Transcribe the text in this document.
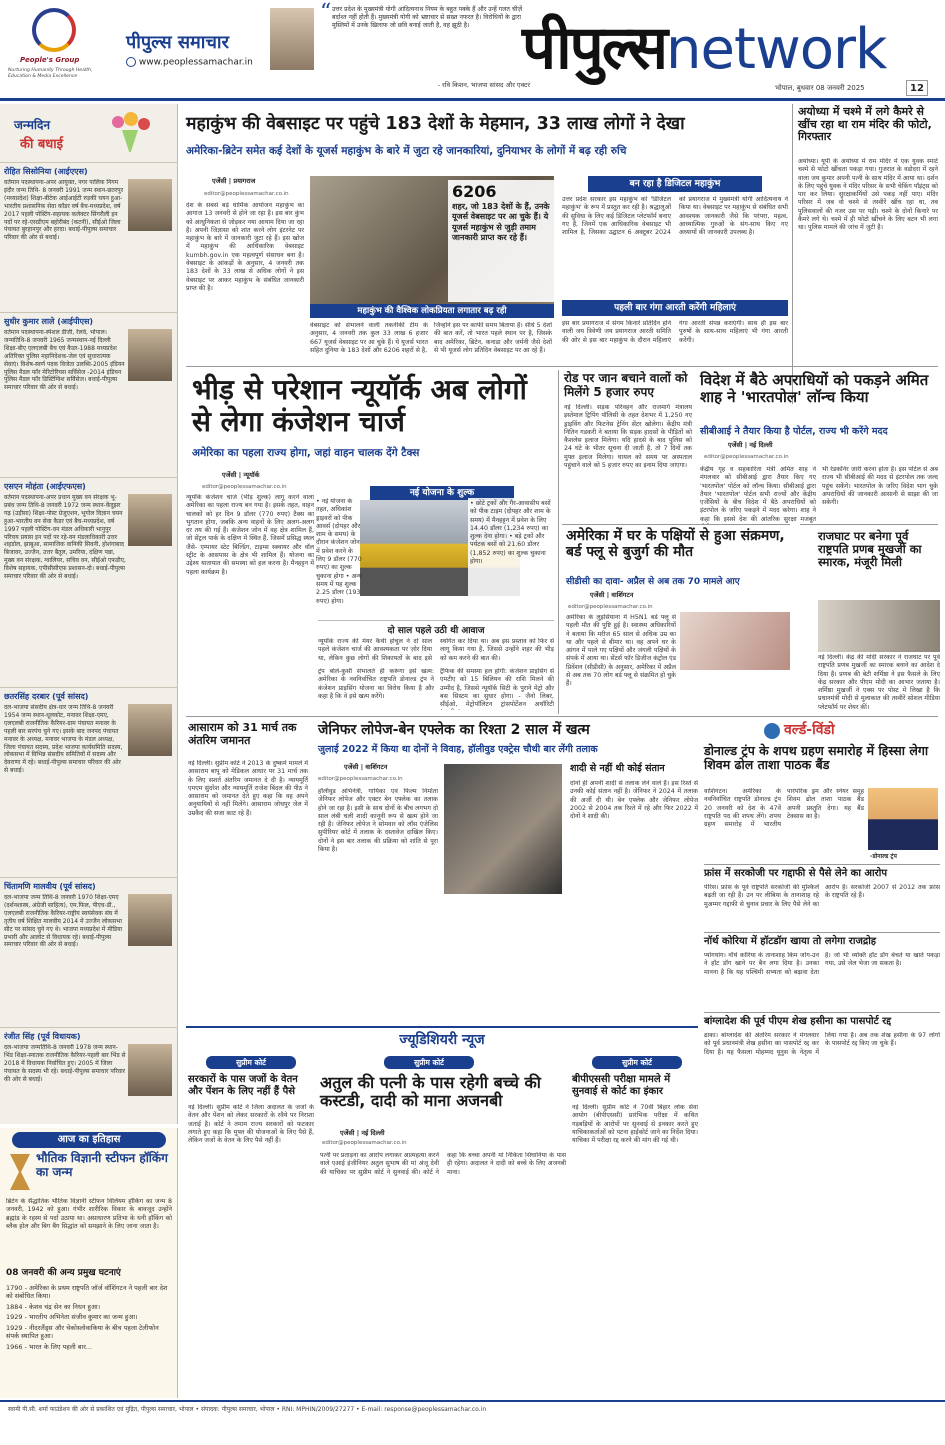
People's Group
Nurturing Humanity Through Health, Education & Media Excellence
पीपुल्स समाचार
www.peoplessamachar.in
“ उत्तर प्रदेश के मुख्यमंत्री योगी आदित्यनाथ नियम के बहुत पक्के हैं और उन्हें गलत चीज़ें बर्दाश्त नहीं होती हैं। मुख्यमंत्री योगी को भ्रष्टाचार से सख्त नफरत है। विरोधियों के द्वारा मुस्लिमों में उनके खिलाफ जो छवि बनाई जाती है, वह झूठी है।
- रवि किशन, भाजपा सांसद और एक्टर
पीपुल्सnetwork
भोपाल, बुधवार 08 जनवरी 2025	12
जन्मदिन
की बधाई
रोहित सिसोनिया (आईएएस)
वर्तमान पदस्थापना-अपर आयुक्त, नगर पालिक निगम इंदौर जन्म तिथि- 8 जनवरी 1991 जन्म स्थान-छतरपुर (मध्यप्रदेश) शिक्षा-बीटेक आईआईटी रुड़की चयन हुआ-भारतीय प्रशासनिक सेवा कॉडर वर्ष बैच-मध्यप्रदेश, वर्ष 2017 पहली पोस्टिंग-सहायक कलेक्टर सिंगरौली इन पदों पर रहे-एसडीएम बहोरीबंद (कटनी), सीईओ जिला पंचायत बुरहानपुर और हरदा। बधाई-पीपुल्स समाचार परिवार की ओर से बधाई।
सुधीर कुमार लाले (आईपीएस)
वर्तमान पदस्थापना-स्पेशल डीजी, रेलवे, भोपाल। जन्मतिथि-8 जनवरी 1965 जन्मस्थान-नई दिल्ली शिक्षा-बीए एलएलबी बैच एवं कैडर-1988 मध्यप्रदेश अतिरिक्त पुलिस महानिदेशक-जेल एवं सुधारात्मक सेवाएं। विशेष-स्वर्ण पदक विजेता उलब्धि-2005 इंडियन पुलिस मैडल फॉर मेरिटोरियस सर्विसेज -2014 इंडियन पुलिस मैडल फॉर डिस्टिंग्विश सर्विसेज। बधाई-पीपुल्स समाचार परिवार की ओर से बधाई।
एसएन मोहंता (आईएफएस)
वर्तमान पदस्थापना-अपर प्रधान मुख्य वन संरक्षक भू-प्रबंध जन्म तिथि-8 जनवरी 1972 जन्म स्थान-केंदुझर गढ़ (उड़ीसा) शिक्षा-पोस्ट ग्रेजुएशन, भूगोल विज्ञान चयन हुआ-भारतीय वन सेवा कैडर एवं बैच-मध्यप्रदेश, वर्ष 1997 पहली पोस्टिंग-वन मंडल अधिकारी भानुपुर परिचय प्रयास इन पदों पर रहे-वन मंडलाधिकारी उत्तर शहडोल, झाबुआ, सामाजिक वानिकी सिवनी, होशंगाबाद बिजावर, उज्जैन, उत्तर बैतूल, उमरिया, दक्षिण पन्ना, मुख्य वन संरक्षक, ग्वालियर, सचिव वन, सीईओ एफडीए, विशेष सहायक, एपीसीसीएफ़ प्रशासन-दो। बधाई-पीपुल्स समाचार परिवार की ओर से बधाई।
छतरसिंह दरबार (पूर्व सांसद)
दल-भाजपा संसदीय क्षेत्र-धार जन्म तिथि-8 जनवरी 1954 जन्म स्थान-धूलकोट, मनावर शिक्षा-एमए, एलएलबी राजनीतिक कैरियर-ग्राम पंचायत मनावर के पहली बार सरपंच चुने गए। इसके बाद जनपद पंचायत मनावर के अध्यक्ष, मनावर भाजपा के मंडल अध्यक्ष, जिला पंचायत सदस्य, प्रदेश भाजपा कार्यसमिति सदस्य, लोकसभा में विभिन्न संसदीय समितियों में सदस्य और देवराणा में रहे। बधाई-पीपुल्स समाचार परिवार की ओर से बधाई।
चिंतामणि मालवीय (पूर्व सांसद)
दल-भाजपा जन्म तिथि-8 जनवरी 1970 शिक्षा-एमए (दर्शनशास्त्र, अंग्रेजी साहित्य), एम.फिल, पीएच-डी., एलएलबी राजनीतिक कैरियर-राष्ट्रीय स्वयंसेवक संघ में तृतीय वर्ष शिक्षित मालवीय 2014 में उज्जैन लोकसभा सीट पर सांसद चुने गए थे। भाजपा मध्यप्रदेश में मीडिया प्रभारी और आलोट से विधायक रहे। बधाई-पीपुल्स समाचार परिवार की ओर से बधाई।
रंजीत सिंह (पूर्व विधायक)
दल-भाजपा जन्मतिथि-8 जनवरी 1978 जन्म स्थान-भिंड शिक्षा-स्नातक राजनीतिक कैरियर-पहली बार भिंड से 2018 में विधायक निर्वाचित हुए। 2005 में जिला पंचायत के सदस्य भी रहे। बधाई-पीपुल्स समाचार परिवार की ओर से बधाई।
आज का इतिहास
भौतिक विज्ञानी स्टीफन हॉकिंग का जन्म
ब्रिटेन के सैद्धांतिक भौतिक विज्ञानी स्टीफन विलियम हॉकिंग का जन्म 8 जनवरी, 1942 को हुआ। गंभीर शारीरिक विकार के बावजूद उन्होंने ब्रह्मांड के रहस्य से पर्दा उठाया था। असाधारण प्रतिभा के धनी हॉकिंग को ब्लैक होल और बिग बैंग सिद्धांत को समझाने के लिए जाना जाता है।
08 जनवरी की अन्य प्रमुख घटनाएं
1790 - अमेरिका के प्रथम राष्ट्रपति जॉर्ज वॉशिंगटन ने पहली बार देश को संबोधित किया।
1884 - केशव चंद्र सेन का निधन हुआ।
1929 - भारतीय अभिनेता संजीव कुमार का जन्म हुआ।
1929 - नीदरलैंड्स और चेकोस्लोवाकिया के बीच पहला टेलीफोन संपर्क स्थापित हुआ।
1966 - भारत के लिए पहली बार...
महाकुंभ की वेबसाइट पर पहुंचे 183 देशों के मेहमान, 33 लाख लोगों ने देखा
अमेरिका-ब्रिटेन समेत कई देशों के यूजर्स महाकुंभ के बारे में जुटा रहे जानकारियां, दुनियाभर के लोगों में बढ़ रही रुचि
एजेंसी | प्रयागराज
editor@peoplessamachar.co.in
देश के सबसे बड़े धार्मिक आयोजन महाकुंभ का आगाज 13 जनवरी से होने जा रहा है। इस बार कुंभ को आधुनिकता से जोड़कर नया आयाम दिया जा रहा है। अपनी जिज्ञासा को शांत करने लोग इंटरनेट पर महाकुंभ के बारे में जानकारी जुटा रहे हैं। इस खोज में महाकुंभ की आधिकारिक वेबसाइट kumbh.gov.in एक महत्वपूर्ण संसाधन बना है। वेबसाइट के आंकड़ों के अनुसार, 4 जनवरी तक 183 देशों के 33 लाख से अधिक लोगों ने इस वेबसाइट पर आकर महाकुंभ के संबंधित जानकारी प्राप्त की है।
6206
शहर, जो 183 देशों के हैं, उनके यूजर्स वेबसाइट पर आ चुके हैं। ये यूजर्स महाकुंभ से जुड़ी तमाम जानकारी प्राप्त कर रहे हैं।
महाकुंभ की वैश्विक लोकप्रियता लगातार बढ़ रही
वेबसाइट को संभालने वाली तकनीकी टीम के अनुसार, 4 जनवरी तक कुल 33 लाख 6 हजार 667 यूजर्स वेबसाइट पर आ चुके हैं। ये यूजर्स भारत सहित दुनिया के 183 देशों और 6206 शहरों से है,
जिन्होंने इस पर काफी समय बिताया है। सीधे 5 देशों की बात करें, तो भारत पहले स्थान पर है, जिसके बाद अमेरिका, ब्रिटेन, कनाडा और जर्मनी जैसे देशों से भी यूजर्स लोग प्रतिदिन वेबसाइट पर आ रहे हैं।
बन रहा है डिजिटल महाकुंभ
उत्तर प्रदेश सरकार इस महाकुंभ को 'डिजिटल महाकुंभ' के रूप में प्रस्तुत कर रही है। श्रद्धालुओं की सुविधा के लिए कई डिजिटल प्लेटफॉर्म बनाए गए हैं, जिनमें एक आधिकारिक वेबसाइट भी शामिल है, जिसका उद्घाटन 6 अक्टूबर 2024 को प्रयागराज में मुख्यमंत्री योगी आदित्यनाथ ने किया था। वेबसाइट पर महाकुंभ से संबंधित सभी आवश्यक जानकारी जैसे कि परंपरा, महत्व, आध्यात्मिक गुरुओं के संग-साथ किए गए अध्यायों की जानकारी उपलब्ध है।
पहली बार गंगा आरती करेंगी महिलाएं
इस बार प्रयागराज में संगम किनारे प्रतिदिन होने वाली जय त्रिवेणी जय प्रयागराज आरती समिति की ओर से इस बार महाकुंभ के दौरान महिलाएं गंगा आरती संपन्न कराएंगी। साथ ही इस बार पुरुषों के साथ-साथ महिलाएं भी गंगा आरती करेंगी।
अयोध्या में चश्मे में लगे कैमरे से खींच रहा था राम मंदिर की फोटो, गिरफ्तार
अयोध्या। यूपी के अयोध्या में राम मंदिर में एक युवक स्मार्ट चश्मे से फोटो खींचता पकड़ा गया। गुजरात के वडोदरा में रहने वाला जय कुमार अपनी पत्नी के साथ मंदिर में आया था। दर्शन के लिए पहुंचे युवक ने मंदिर परिसर के सभी चेकिंग पॉइंट्स को पार कर लिया। सुरक्षाकर्मियों उसे पकड़ नहीं पाए। मंदिर परिसर में जब वो चश्मे से तस्वीरें खींच रहा था, तब पुलिसवालों की नजर उस पर पड़ी। चश्मे के दोनों किनारे पर कैमरे लगे थे। चश्मे में ही फोटो खींचने के लिए बटन भी लगा था। पुलिस मामले की जांच में जुटी है।
भीड़ से परेशान न्यूयॉर्क अब लोगों से लेगा कंजेशन चार्ज
अमेरिका का पहला राज्य होगा, जहां वाहन चालक देंगे टैक्स
एजेंसी | न्यूयॉर्क
editor@peoplessamachar.co.in
न्यूयॉर्क कंजेशन चार्ज (भीड़ शुल्क) लागू करने वाला अमेरिका का पहला राज्य बन गया है। इसके तहत, वाहन चालकों को हर दिन 9 डॉलर (770 रुपए) टैक्स का भुगतान होगा, जबकि अन्य वाहनों के लिए अलग-अलग दर तय की गई हैं। कंजेशन जोन में वह क्षेत्र शामिल हैं, जो सेंट्रल पार्क के दक्षिण में स्थित हैं, जिसमें प्रसिद्ध स्थल जैसे- एम्पायर स्टेट बिल्डिंग, टाइम्स स्क्वायर और वॉल स्ट्रीट के आसपास के क्षेत्र भी शामिल हैं। योजना का उद्देश्य यातायात की समस्या को हल करना है। मैनहट्टन में पहला कार्यक्रम है।
नई योजना के शुल्क
• नई योजना के तहत, अधिकांश ड्राइवरों को पीक आवर्स (दोपहर और शाम के समय) के दौरान कंजेशन जोन में प्रवेश करने के लिए 9 डॉलर (770 रुपए) का शुल्क चुकाना होगा • अन्य समय में यह शुल्क 2.25 डॉलर (193 रुपए) होगा।
• छोटे ट्रकों और गैर-आवासीय बसों को पीक टाइम (दोपहर और शाम के समय) में मैनहट्टन में प्रवेश के लिए 14.40 डॉलर (1,234 रुपए) का शुल्क देना होगा। • बड़े ट्रकों और पर्यटक बसों को 21.60 डॉलर (1,852 रुपए) का शुल्क चुकाना होगा।
दो साल पहले उठी थी आवाज
न्यूयॉर्क राज्य की मेयर कैथी होचुल ने दो साल पहले कंजेशन चार्ज की आवश्यकता पर ज़ोर दिया था, लेकिन कुछ लोगों की शिकायतों के बाद इसे स्थगित कर दिया था। अब इस प्रस्ताव को फिर से लागू किया गया है, जिससे उन्होंने शहर की भीड़ को कम करने की बात की।
ट्रंप बोले-कुर्सी संभालते ही करूंगा इसे खत्म: अमेरिका के नवनिर्वाचित राष्ट्रपति डोनाल्ड ट्रंप ने कंजेशन प्राइसिंग योजना का विरोध किया है और कहा है कि वे इसे खत्म करेंगे।
ट्रैफिक की समस्या हल होगी: कंजेशन प्राइसिंग से एमटीए को 15 बिलियन की राशि मिलने की उम्मीद है, जिससे न्यूयॉर्क सिटी के पुराने मेट्रो और बस सिस्टम का सुधार होगा। - जैनो लिबर, सीईओ, मेट्रोपॉलिटन ट्रांसपोर्टेशन अथॉरिटी
रोड पर जान बचाने वालों को मिलेंगे 5 हजार रुपए
नई दिल्ली। सड़क परिवहन और राजमार्ग मंत्रालय इस्तेमाल ट्रिपिंग पॉलिसी के तहत देशभर में 1,250 नए ड्राइविंग और फिटनेस ट्रेनिंग सेंटर खोलेगा। केंद्रीय मंत्री नितिन गडकरी ने बताया कि सड़क हादसों के पीड़ितों को कैशलेस इलाज मिलेगा। यदि हादसे के बाद पुलिस को 24 घंटे के भीतर सूचना दी जाती है, तो 7 दिनों तक मुफ्त इलाज मिलेगा। घायल को समय पर अस्पताल पहुंचाने वाले को 5 हजार रुपए का इनाम दिया जाएगा।
विदेश में बैठे अपराधियों को पकड़ने अमित शाह ने 'भारतपोल' लॉन्च किया
सीबीआई ने तैयार किया है पोर्टल, राज्य भी करेंगे मदद
एजेंसी | नई दिल्ली
editor@peoplessamachar.co.in
केंद्रीय गृह व सहकारिता मंत्री अमित शाह ने मंगलवार को सीबीआई द्वारा तैयार किए गए 'भारतपोल' पोर्टल को लॉन्च किया। सीबीआई द्वारा तैयार 'भारतपोल' पोर्टल सभी राज्यों और केंद्रीय एजेंसियों के बीच विदेश में बैठे अपराधियों को इंटरपोल के जरिए पकड़ने में मदद करेगा। शाह ने कहा कि इससे देश की आंतरिक सुरक्षा मजबूत
भी रेडकॉर्नर जारी करना होता है। इस पोर्टल से अब राज्य भी सीबीआई की मदद से इंटरपोल तक जल्द पहुंच सकेंगे। भारतपोल के जरिए विदेश भाग चुके अपराधियों की जानकारी आसानी से साझा की जा सकेगी।
अमेरिका में घर के पक्षियों से हुआ संक्रमण, बर्ड फ्लू से बुजुर्ग की मौत
सीडीसी का दावा- अप्रैल से अब तक 70 मामले आए
एजेंसी | वाशिंगटन
editor@peoplessamachar.co.in
अमेरिका के लुइसियाना में H5N1 बर्ड फ्लू से पहली मौत की पुष्टि हुई है। स्वास्थ्य अधिकारियों ने बताया कि मरीज 65 साल से अधिक उम्र का था और पहले से बीमार था। वह अपने घर के आंगन में पाले गए पक्षियों और जंगली पक्षियों के संपर्क में आया था। सेंटर्स फॉर डिजीज कंट्रोल एंड प्रिवेंशन (सीडीसी) के अनुसार, अमेरिका में अप्रैल से अब तक 70 लोग बर्ड फ्लू से संक्रमित हो चुके हैं।
राजघाट पर बनेगा पूर्व राष्ट्रपति प्रणब मुखर्जी का स्मारक, मंजूरी मिली
नई दिल्ली। केंद्र की मोदी सरकार ने राजघाट पर पूर्व राष्ट्रपति प्रणब मुखर्जी का स्मारक बनाने का आदेश दे दिया है। प्रणब की बेटी शर्मिष्ठा ने इस फैसले के लिए केंद्र सरकार और पीएम मोदी का आभार जताया है। शर्मिष्ठा मुखर्जी ने एक्स पर पोस्ट में लिखा है कि प्रधानमंत्री मोदी से मुलाकात की तस्वीरें सोशल मीडिया प्लेटफॉर्म पर शेयर कीं।
आसाराम को 31 मार्च तक अंतरिम जमानत
नई दिल्ली। सुप्रीम कोर्ट ने 2013 के दुष्कर्म मामले में आसाराम बापू को मेडिकल आधार पर 31 मार्च तक के लिए सशर्त अंतरिम जमानत दे दी है। न्यायमूर्ति एमएम सुंदरेश और न्यायमूर्ति राजेश बिंदल की पीठ ने आसाराम को जमानत देते हुए कहा कि वह अपने अनुयायियों से नहीं मिलेंगे। आसाराम जोधपुर जेल में उम्रकैद की सजा काट रहे हैं।
जेनिफर लोपेज-बेन एफ्लेक का रिश्ता 2 साल में खत्म
जुलाई 2022 में किया था दोनों ने विवाह, हॉलीवुड एक्ट्रेस चौथी बार लेंगी तलाक
एजेंसी | वाशिंगटन
editor@peoplessamachar.co.in
हॉलीवुड अभिनेत्री, गायिका एवं फिल्म निर्माता जेनिफर लोपेज और एक्टर बेन एफ्लेक का तलाक होने जा रहा है। इसी के साथ दोनों के बीच लगभग दो साल लंबी चली शादी कानूनी रूप से खत्म होने जा रही है। जेनिफर लोपेज ने सोमवार को लॉस एंजेलिस सुपीरियर कोर्ट में तलाक के दस्तावेज दाखिल किए। दोनों ने इस बार तलाक की प्रक्रिया को शांति से पूरा किया है।
शादी से नहीं थी कोई संतान
दोनों ही अपनी शादी से तलाक लेने वाले हैं। इस रिश्ते से उनकी कोई संतान नहीं है। जेनिफर ने 2024 में तलाक की अर्जी दी थी। बेन एफ्लेक और जेनिफर लोपेज 2002 से 2004 तक रिश्ते में रहे और फिर 2022 में दोनों ने शादी की।
वर्ल्ड-विंडो
डोनाल्ड ट्रंप के शपथ ग्रहण समारोह में हिस्सा लेगा शिवम ढोल ताशा पाठक बैंड
वाशिंगटन। अमेरिका के नवनिर्वाचित राष्ट्रपति डोनाल्ड ट्रंप 20 जनवरी को देश के 47वें राष्ट्रपति पद की शपथ लेंगे। शपथ ग्रहण समारोह में भारतीय पारंपरिक ड्रम और स्नेयर समूह शिवम ढोल ताशा पाठक बैंड अपनी प्रस्तुति देगा। यह बैंड टेक्सास का है।
-डोनाल्ड ट्रंप
फ्रांस में सरकोजी पर गद्दाफी से पैसे लेने का आरोप
पेरिस। फ्रांस के पूर्व राष्ट्रपति सरकोजी की मुश्किलें बढ़ती जा रही हैं। उन पर लीबिया के तानाशाह रहे मुअम्मर गद्दाफी से चुनाव प्रचार के लिए पैसे लेने का आरोप है। सरकोजी 2007 से 2012 तक फ्रांस के राष्ट्रपति रहे हैं।
नॉर्थ कोरिया में हॉटडॉग खाया तो लगेगा राजद्रोह
प्योंगयांग। नॉर्थ कोरिया के तानाशाह किम जोंग-उन ने हॉट डॉग खाने पर बैन लगा दिया है। उनका मानना है कि यह पश्चिमी सभ्यता को बढ़ावा देता है। जो भी व्यक्ति हॉट डॉग बेचते या खाते पकड़ा गया, उसे जेल भेजा जा सकता है।
बांग्लादेश की पूर्व पीएम शेख हसीना का पासपोर्ट रद्द
ढाका। बांग्लादेश की अंतरिम सरकार ने मंगलवार को पूर्व प्रधानमंत्री शेख हसीना का पासपोर्ट रद्द कर दिया है। यह फैसला मोहम्मद यूनुस के नेतृत्व में लिया गया है। अब तक शेख हसीना के 97 लोगों के पासपोर्ट रद्द किए जा चुके हैं।
ज्यूडिशियरी न्यूज
सुप्रीम कोर्ट
सरकारों के पास जजों के वेतन और पेंशन के लिए नहीं हैं पैसे
नई दिल्ली। सुप्रीम कोर्ट ने जिला अदालत के जजों के वेतन और पेंशन को लेकर सरकारों के रवैये पर निराशा जताई है। कोर्ट ने तमाम राज्य सरकारों को फटकार लगाते हुए कहा कि मुफ्त की योजनाओं के लिए पैसे हैं, लेकिन जजों के वेतन के लिए पैसे नहीं हैं।
सुप्रीम कोर्ट
अतुल की पत्नी के पास रहेगी बच्चे की कस्टडी, दादी को माना अजनबी
एजेंसी | नई दिल्ली
editor@peoplessamachar.co.in
पत्नी पर प्रताड़ना का आरोप लगाकर आत्महत्या करने वाले एआई इंजीनियर अतुल सुभाष की मां अंजू देवी की याचिका पर सुप्रीम कोर्ट ने सुनवाई की। कोर्ट ने कहा कि बच्चा अपनी मां निकिता सिंघानिया के पास ही रहेगा। अदालत ने दादी को बच्चे के लिए अजनबी माना।
सुप्रीम कोर्ट
बीपीएससी परीक्षा मामले में सुनवाई से कोर्ट का इंकार
नई दिल्ली। सुप्रीम कोर्ट ने 70वीं बिहार लोक सेवा आयोग (बीपीएससी) प्रारंभिक परीक्षा में कथित गड़बड़ियों के आरोपों पर सुनवाई से इनकार करते हुए याचिकाकर्ताओं को पटना हाईकोर्ट जाने का निर्देश दिया। याचिका में परीक्षा रद्द करने की मांग की गई थी।
स्वामी पी.सी. शर्मा फाउंडेशन की ओर से प्रकाशित एवं मुद्रित, पीपुल्स समाचार, भोपाल • संपादक: पीपुल्स समाचार, भोपाल • RNI: MPHIN/2009/27277 • E-mail: response@peoplessamachar.co.in
